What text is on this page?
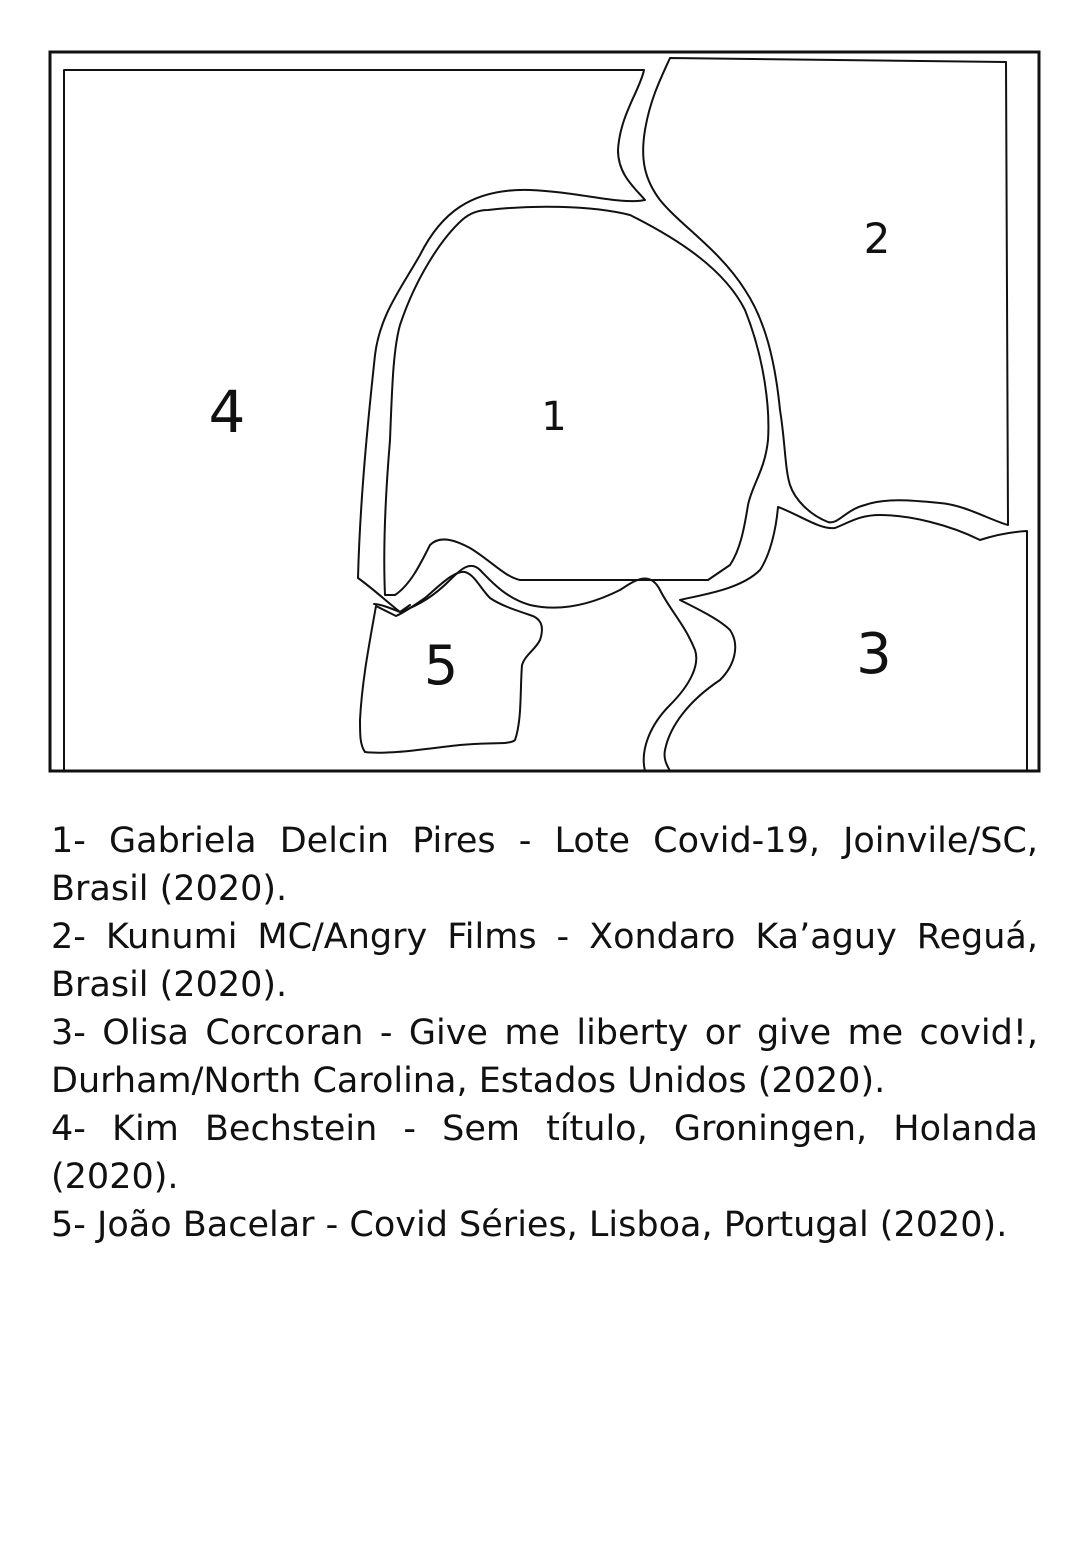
1
2
3
4
5
1- Gabriela Delcin Pires - Lote Covid-19, Joinvile/SC, Brasil (2020).
2- Kunumi MC/Angry Films - Xondaro Ka’aguy Reguá, Brasil (2020).
3- Olisa Corcoran - Give me liberty or give me covid!, Durham/North Carolina, Estados Unidos (2020).
4- Kim Bechstein - Sem título, Groningen, Holanda (2020).
5- João Bacelar - Covid Séries, Lisboa, Portugal (2020).
